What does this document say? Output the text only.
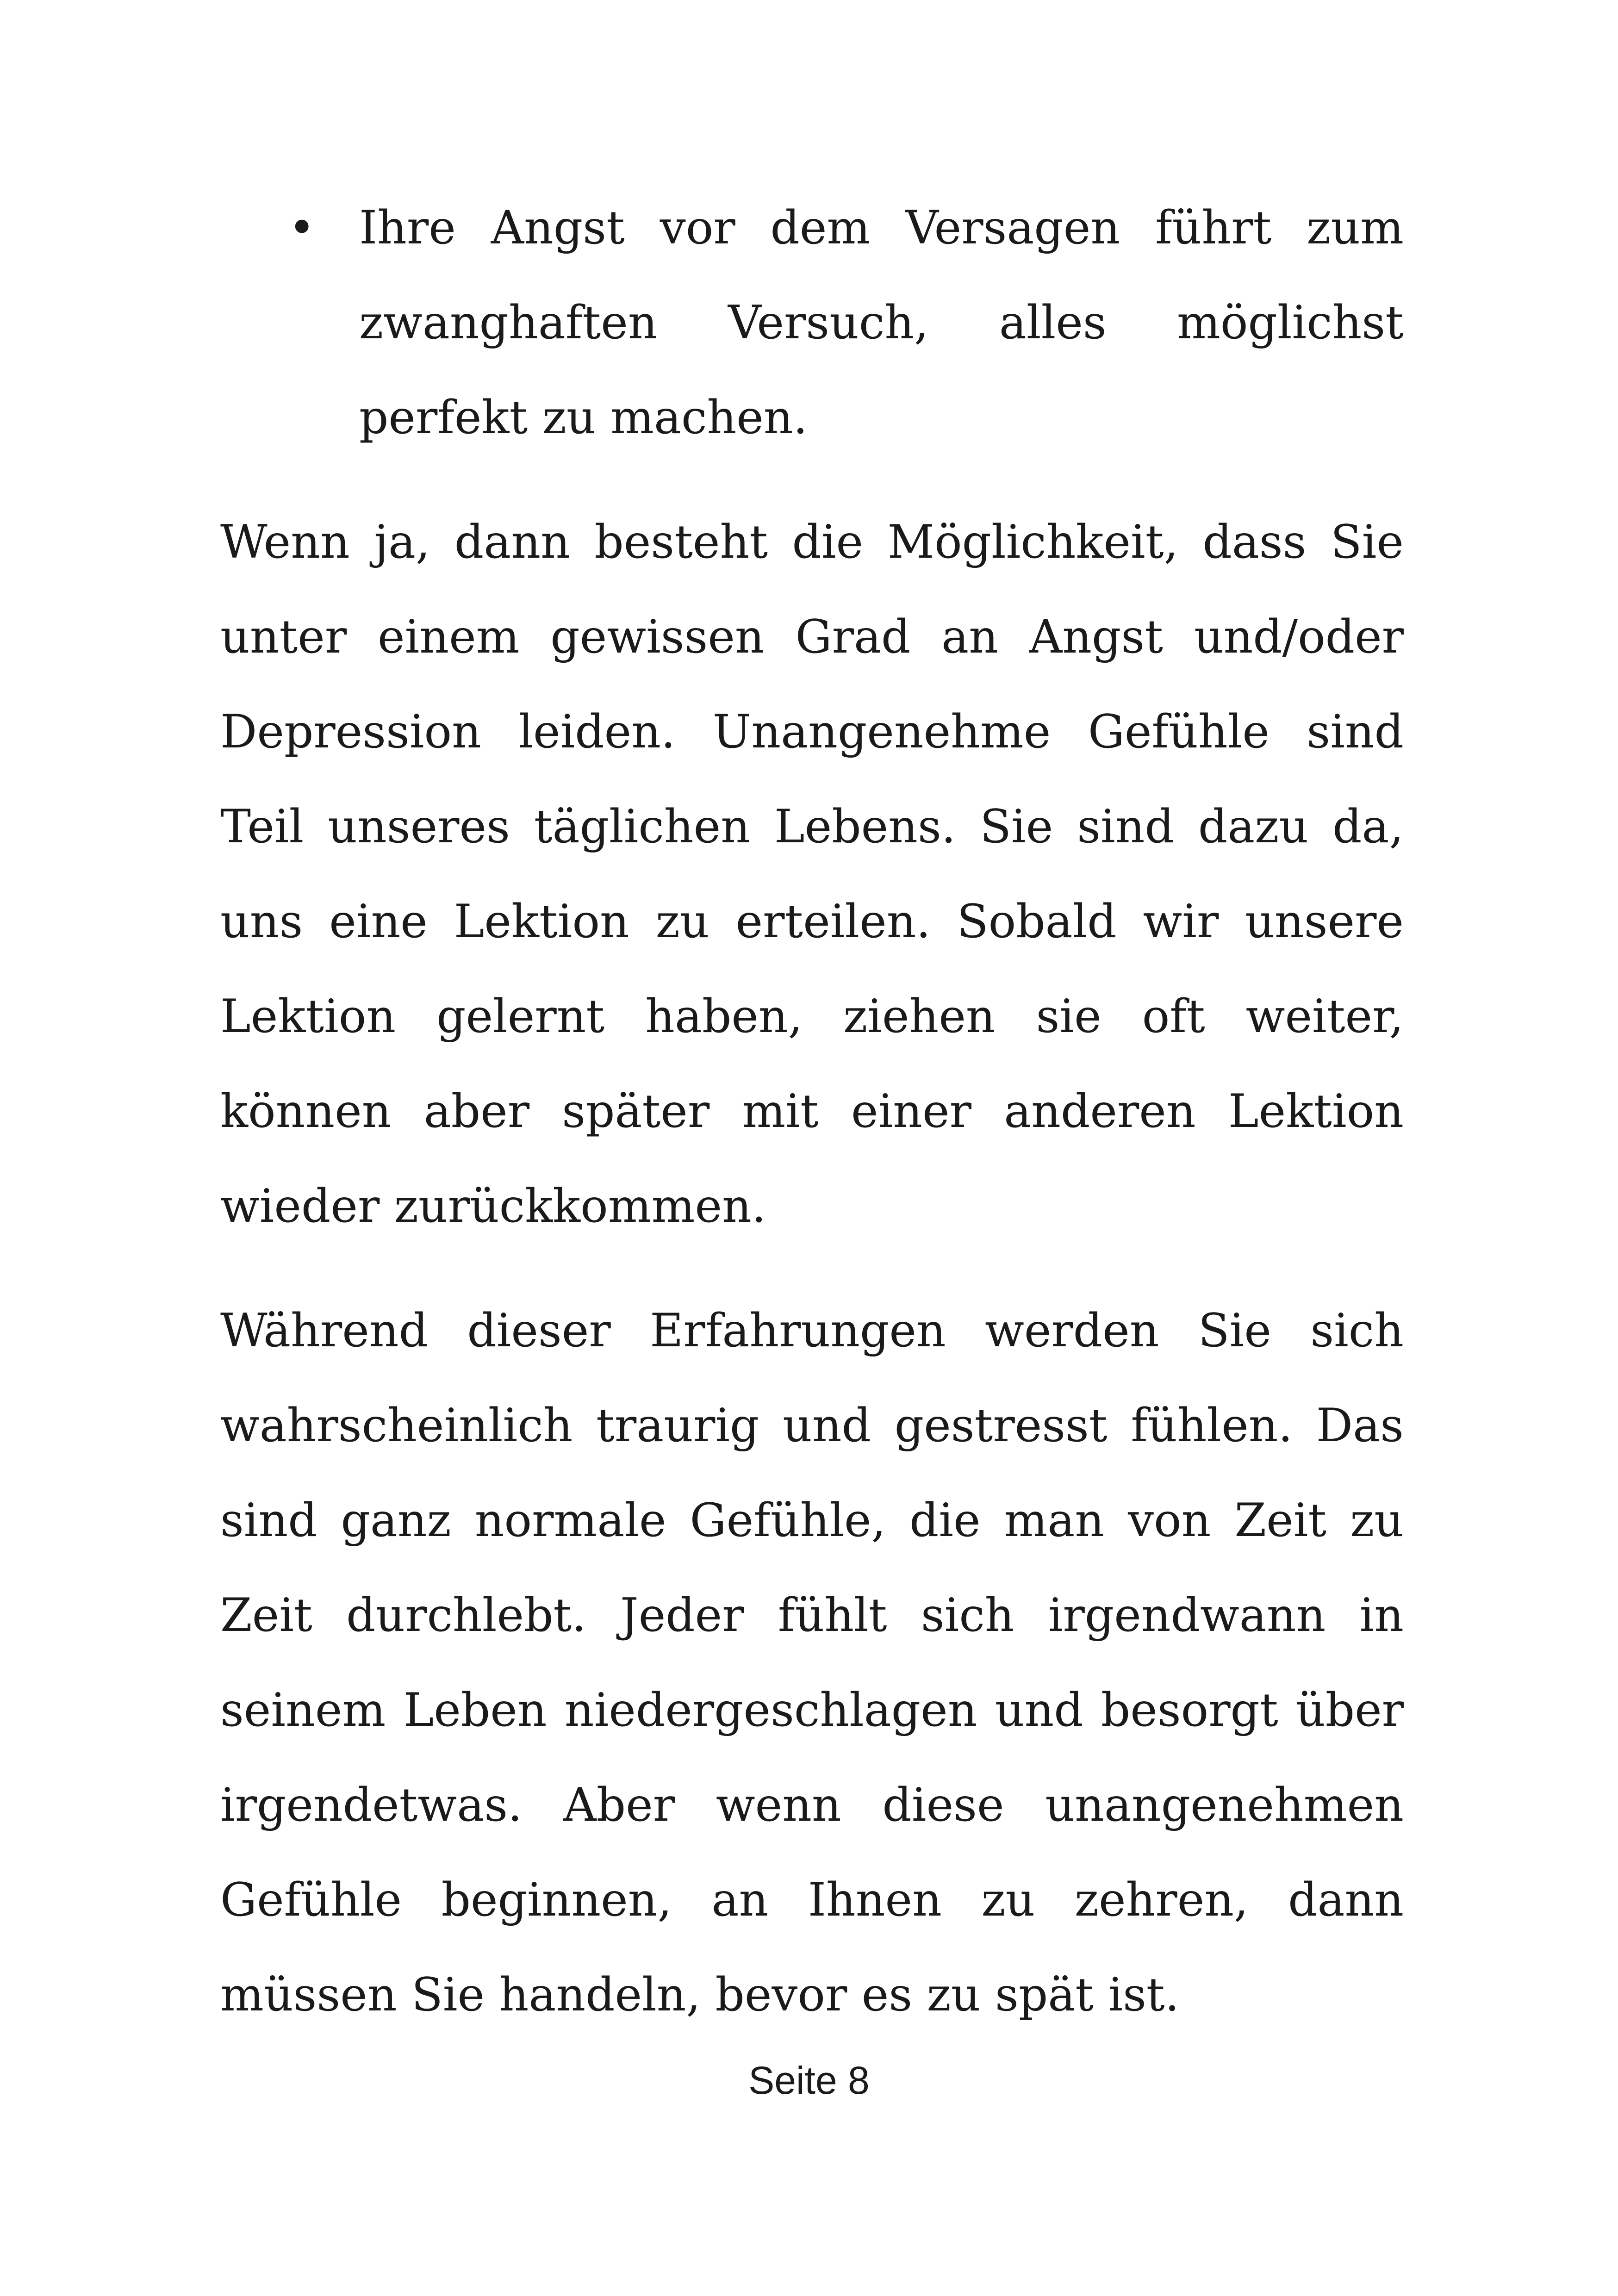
• Ihre Angst vor dem Versagen führt zum zwanghaften Versuch, alles möglichst perfekt zu machen.

Wenn ja, dann besteht die Möglichkeit, dass Sie unter einem gewissen Grad an Angst und/oder Depression leiden. Unangenehme Gefühle sind Teil unseres täglichen Lebens. Sie sind dazu da, uns eine Lektion zu erteilen. Sobald wir unsere Lektion gelernt haben, ziehen sie oft weiter, können aber später mit einer anderen Lektion wieder zurückkommen.

Während dieser Erfahrungen werden Sie sich wahrscheinlich traurig und gestresst fühlen. Das sind ganz normale Gefühle, die man von Zeit zu Zeit durchlebt. Jeder fühlt sich irgendwann in seinem Leben niedergeschlagen und besorgt über irgendetwas. Aber wenn diese unangenehmen Gefühle beginnen, an Ihnen zu zehren, dann müssen Sie handeln, bevor es zu spät ist.

Seite 8
